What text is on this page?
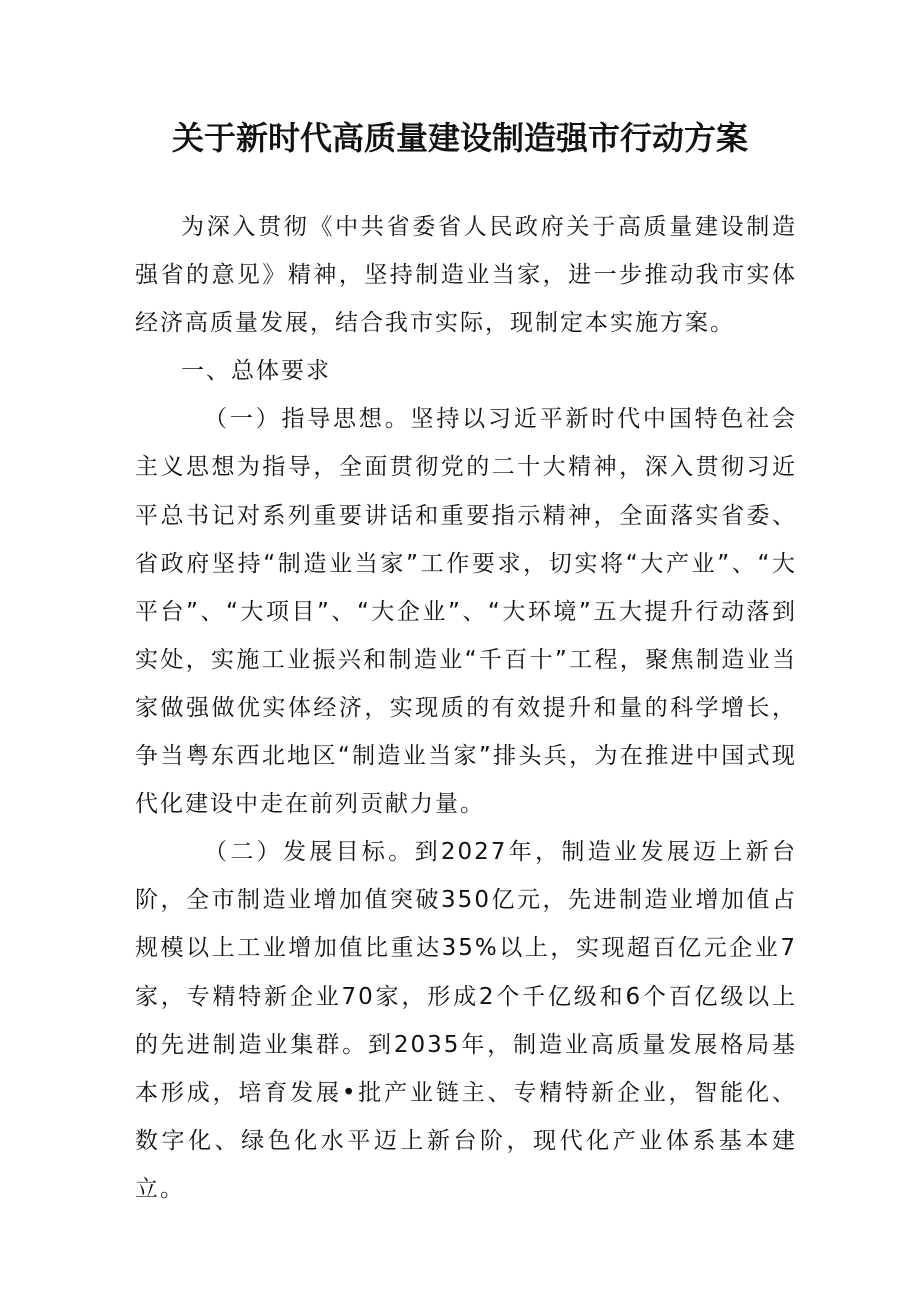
关于新时代高质量建设制造强市行动方案

为深入贯彻《中共省委省人民政府关于高质量建设制造强省的意见》精神，坚持制造业当家，进一步推动我市实体经济高质量发展，结合我市实际，现制定本实施方案。

一、总体要求

（一）指导思想。坚持以习近平新时代中国特色社会主义思想为指导，全面贯彻党的二十大精神，深入贯彻习近平总书记对系列重要讲话和重要指示精神，全面落实省委、省政府坚持“制造业当家”工作要求，切实将“大产业”、“大平台”、“大项目”、“大企业”、“大环境”五大提升行动落到实处，实施工业振兴和制造业“千百十”工程，聚焦制造业当家做强做优实体经济，实现质的有效提升和量的科学增长，争当粤东西北地区“制造业当家”排头兵，为在推进中国式现代化建设中走在前列贡献力量。

（二）发展目标。到2027年，制造业发展迈上新台阶，全市制造业增加值突破350亿元，先进制造业增加值占规模以上工业增加值比重达35%以上，实现超百亿元企业7家，专精特新企业70家，形成2个千亿级和6个百亿级以上的先进制造业集群。到2035年，制造业高质量发展格局基本形成，培育发展•批产业链主、专精特新企业，智能化、数字化、绿色化水平迈上新台阶，现代化产业体系基本建立。
